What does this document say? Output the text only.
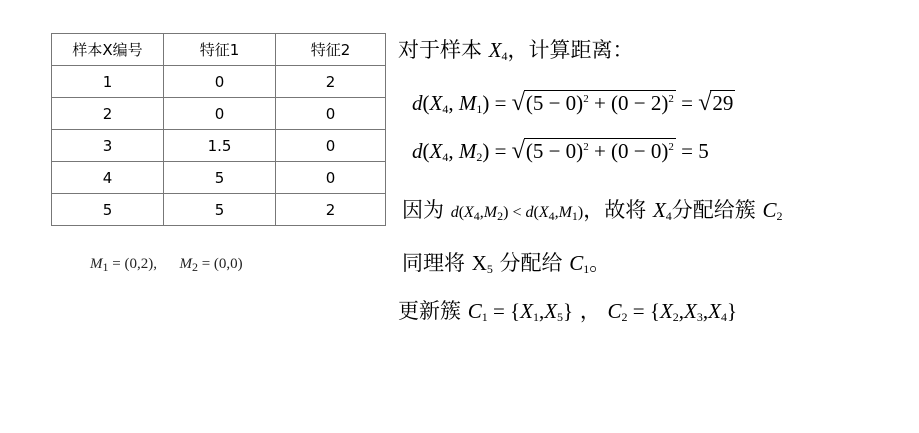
样本X编号	特征1	特征2
1	0	2
2	0	0
3	1.5	0
4	5	0
5	5	2
$M_1 = (0,2)$, $M_2 = (0,0)$
对于样本 $X_4$，计算距离：
$d(X_4$, $M_1) = √(5 - 0)^2 + (0 - 2)^2 = √29$
$d(X_4$, $M_2) = √(5 - 0)^2 + (0 - 0)^2 = 5$
因为 $d(X_4,M_2) < d(X_4,M_1)$，故将 $X_4$分配给簇 $C_2$
同理将 $X_5$ 分配给 $C_1$。
更新簇 $C_1 = \{X_1,X_5\}$ ， $C_2 = \{X_2,X_3,X_4\}$
